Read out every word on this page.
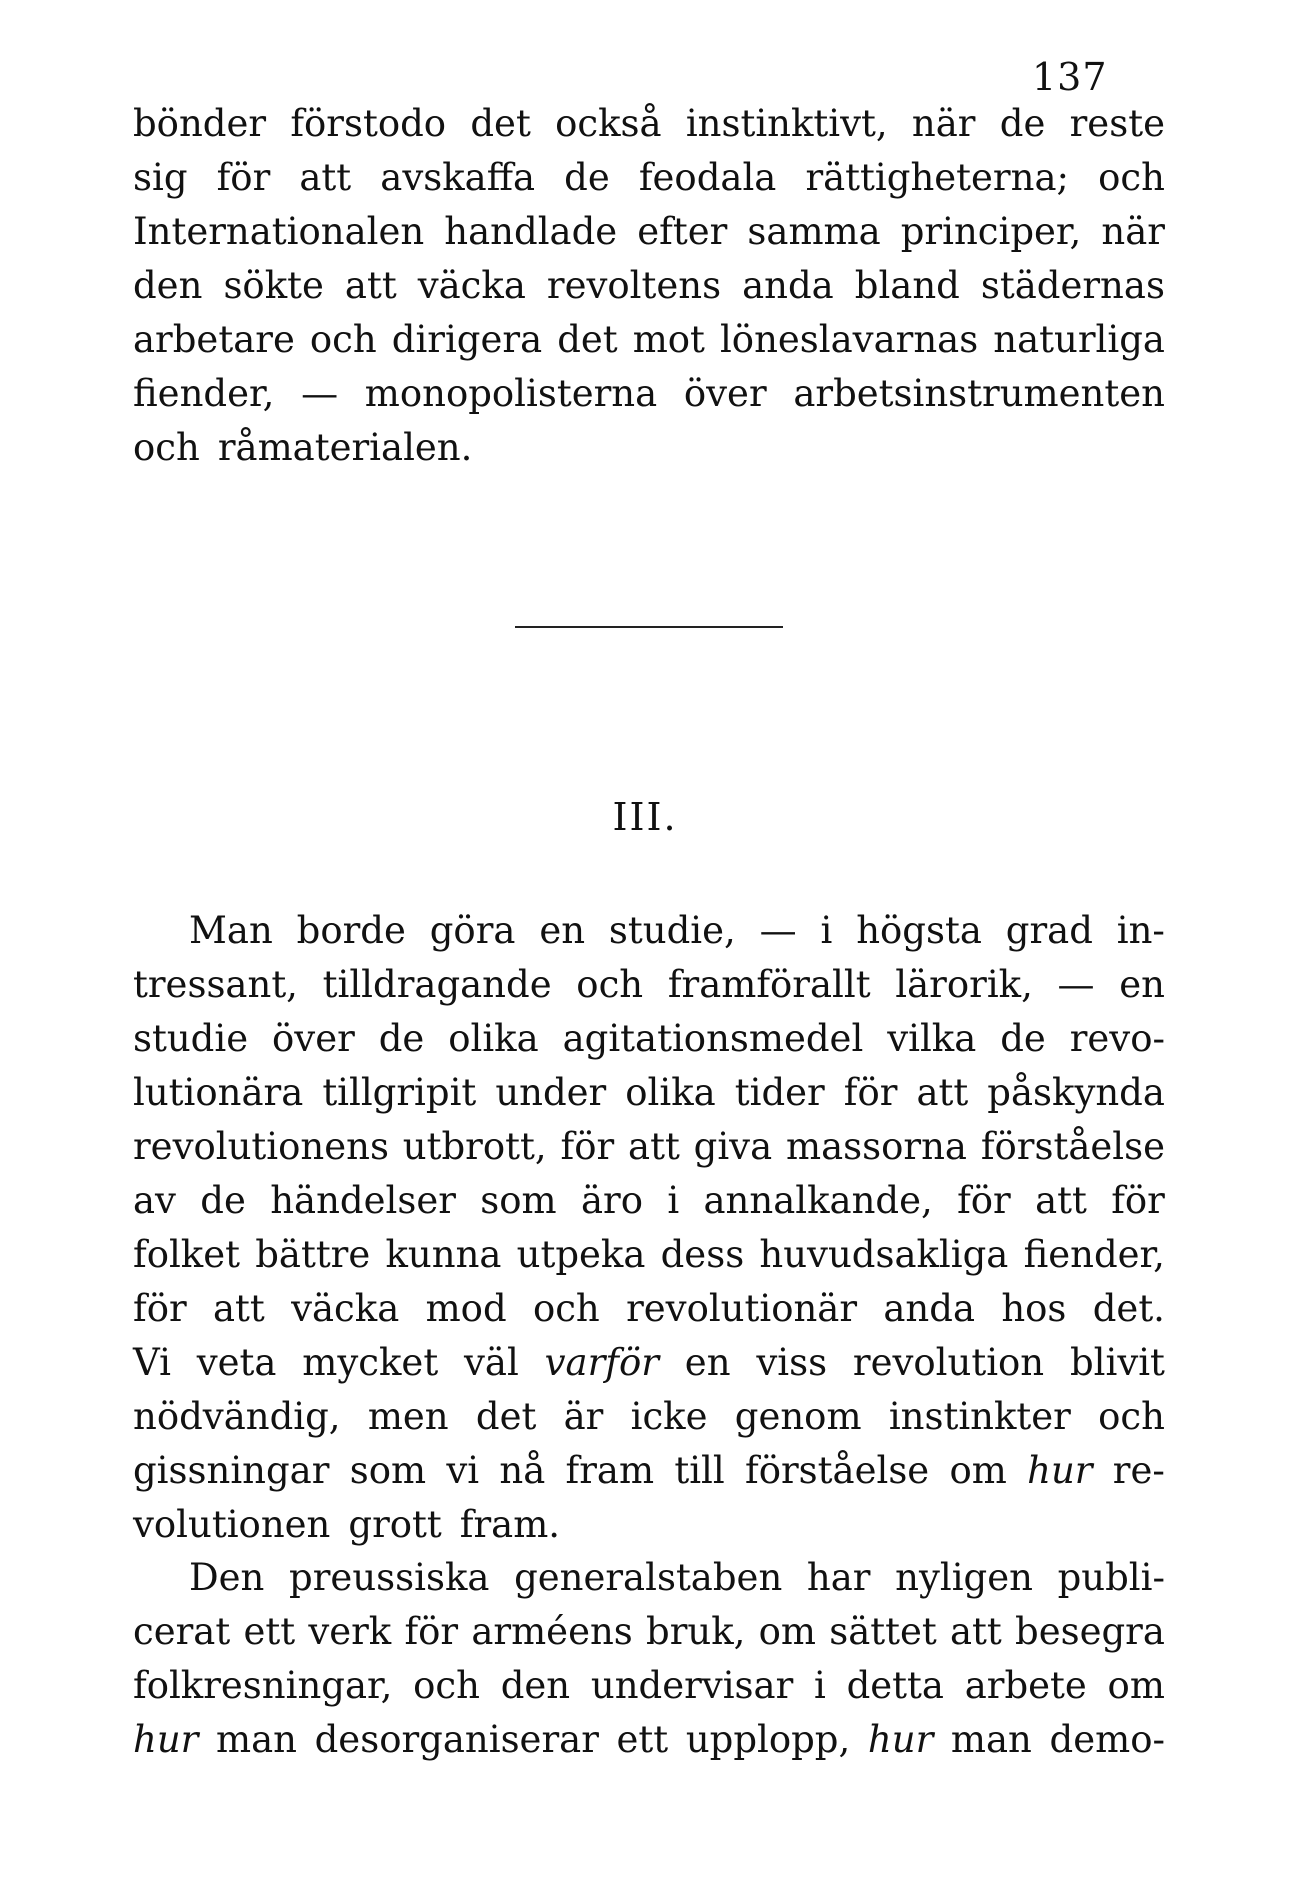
137
bönder förstodo det också instinktivt, när de reste
sig för att avskaffa de feodala rättigheterna; och
Internationalen handlade efter samma principer, när
den sökte att väcka revoltens anda bland städernas
arbetare och dirigera det mot löneslavarnas naturliga
fiender, — monopolisterna över arbetsinstrumenten
och råmaterialen.
III.
Man borde göra en studie, — i högsta grad in-
tressant, tilldragande och framförallt lärorik, — en
studie över de olika agitationsmedel vilka de revo-
lutionära tillgripit under olika tider för att påskynda
revolutionens utbrott, för att giva massorna förståelse
av de händelser som äro i annalkande, för att för
folket bättre kunna utpeka dess huvudsakliga fiender,
för att väcka mod och revolutionär anda hos det.
Vi veta mycket väl varför en viss revolution blivit
nödvändig, men det är icke genom instinkter och
gissningar som vi nå fram till förståelse om hur re-
volutionen grott fram.
Den preussiska generalstaben har nyligen publi-
cerat ett verk för arméens bruk, om sättet att besegra
folkresningar, och den undervisar i detta arbete om
hur man desorganiserar ett upplopp, hur man demo-
